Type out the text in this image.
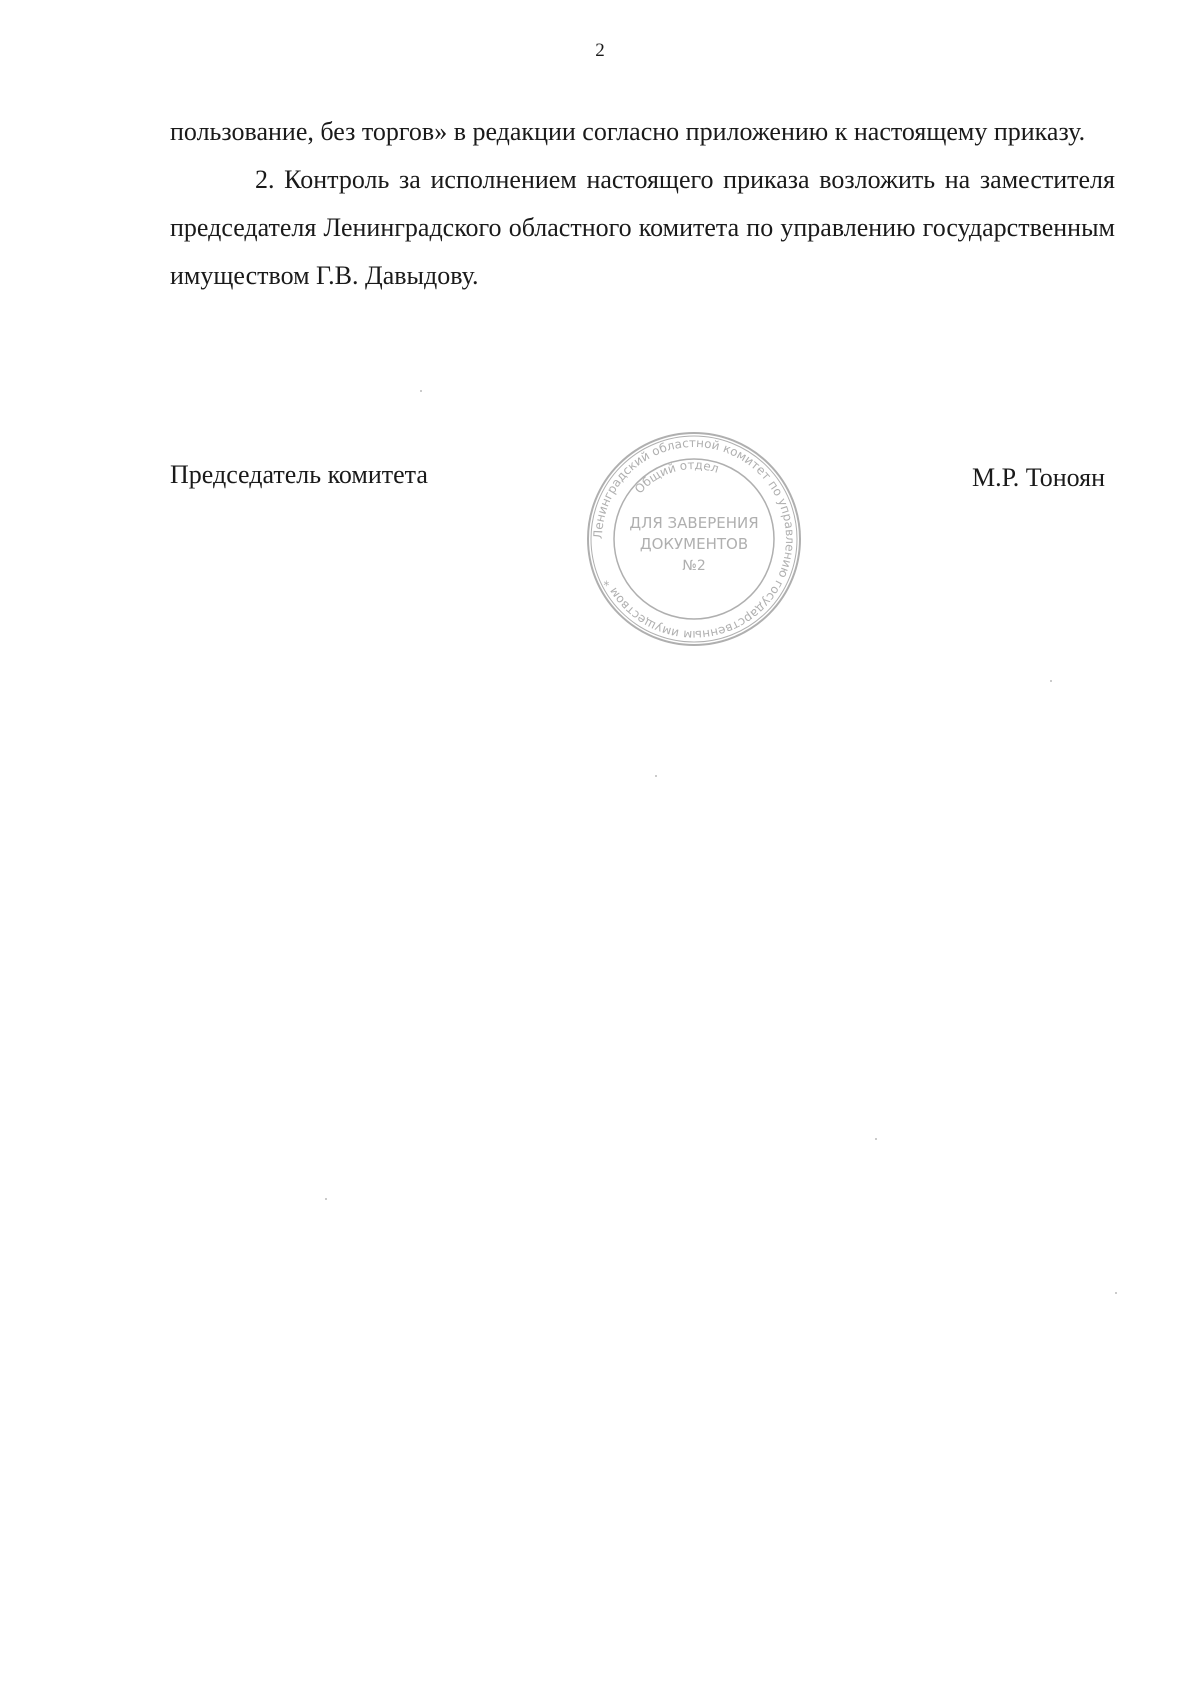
2

пользование, без торгов» в редакции согласно приложению к настоящему приказу.

2. Контроль за исполнением настоящего приказа возложить на заместителя председателя Ленинградского областного комитета по управлению государственным имуществом Г.В. Давыдову.

Председатель комитета	М.Р. Тоноян
Ленинградский областной комитет по управлению государственным имуществом *
Общий отдел
ДЛЯ ЗАВЕРЕНИЯ
ДОКУМЕНТОВ
№2
